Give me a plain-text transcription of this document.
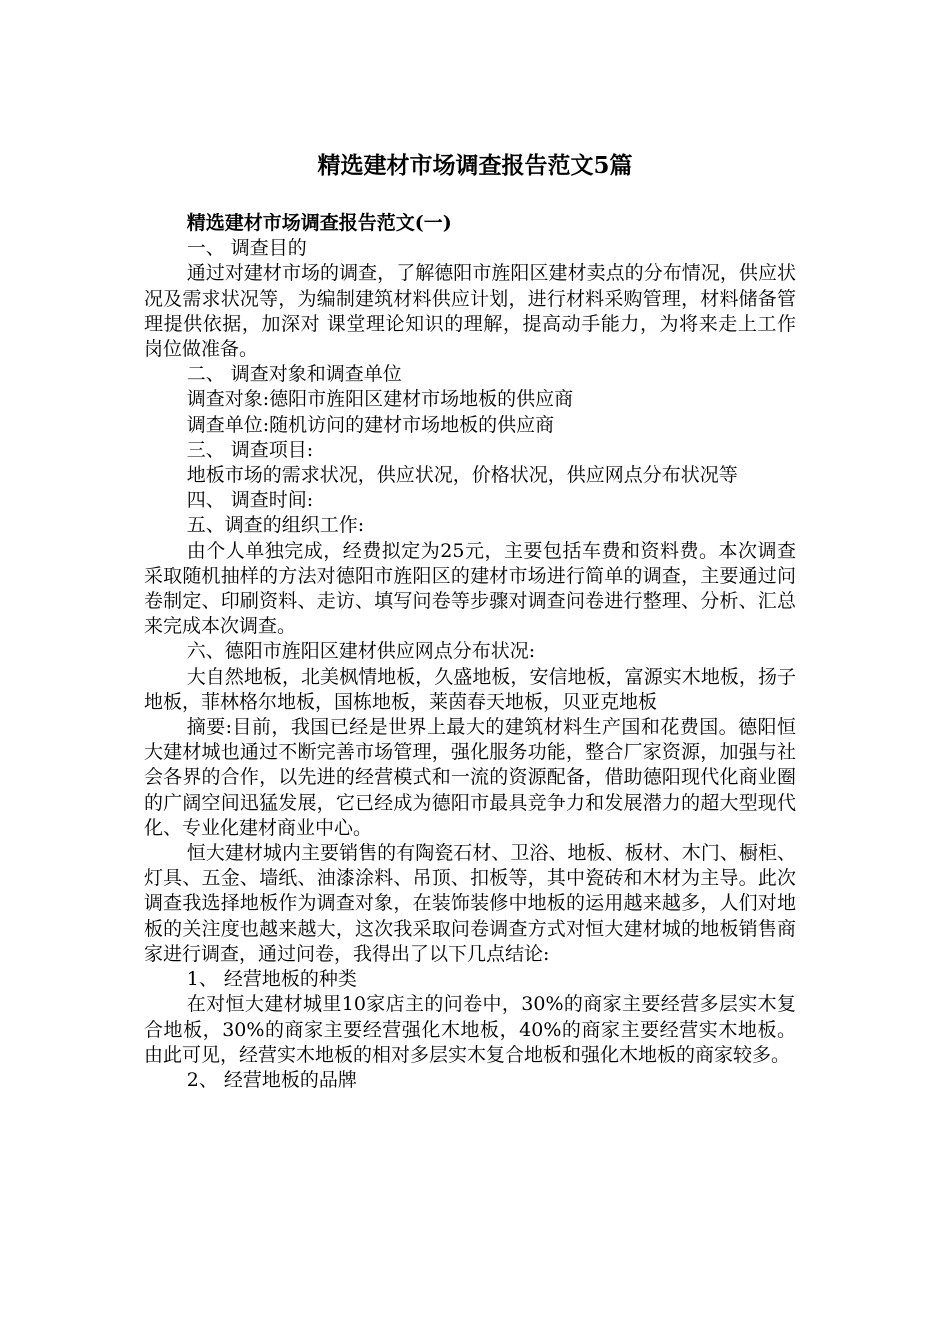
精选建材市场调查报告范文5篇

精选建材市场调查报告范文(一)

一、 调查目的

通过对建材市场的调查，了解德阳市旌阳区建材卖点的分布情况，供应状况及需求状况等，为编制建筑材料供应计划，进行材料采购管理，材料储备管理提供依据，加深对 课堂理论知识的理解，提高动手能力，为将来走上工作岗位做准备。

二、 调查对象和调查单位

调查对象:德阳市旌阳区建材市场地板的供应商

调查单位:随机访问的建材市场地板的供应商

三、 调查项目:

地板市场的需求状况，供应状况，价格状况，供应网点分布状况等

四、 调查时间:

五、调查的组织工作:

由个人单独完成，经费拟定为25元，主要包括车费和资料费。本次调查采取随机抽样的方法对德阳市旌阳区的建材市场进行简单的调查，主要通过问卷制定、印刷资料、走访、填写问卷等步骤对调查问卷进行整理、分析、汇总来完成本次调查。

六、德阳市旌阳区建材供应网点分布状况:

大自然地板，北美枫情地板，久盛地板，安信地板，富源实木地板，扬子地板，菲林格尔地板，国栋地板，莱茵春天地板，贝亚克地板

摘要:目前，我国已经是世界上最大的建筑材料生产国和花费国。德阳恒大建材城也通过不断完善市场管理，强化服务功能，整合厂家资源，加强与社会各界的合作，以先进的经营模式和一流的资源配备，借助德阳现代化商业圈的广阔空间迅猛发展，它已经成为德阳市最具竞争力和发展潜力的超大型现代化、专业化建材商业中心。

恒大建材城内主要销售的有陶瓷石材、卫浴、地板、板材、木门、橱柜、灯具、五金、墙纸、油漆涂料、吊顶、扣板等，其中瓷砖和木材为主导。此次调查我选择地板作为调查对象，在装饰装修中地板的运用越来越多，人们对地板的关注度也越来越大，这次我采取问卷调查方式对恒大建材城的地板销售商家进行调查，通过问卷，我得出了以下几点结论:

1、 经营地板的种类

在对恒大建材城里10家店主的问卷中，30%的商家主要经营多层实木复合地板，30%的商家主要经营强化木地板，40%的商家主要经营实木地板。由此可见，经营实木地板的相对多层实木复合地板和强化木地板的商家较多。

2、 经营地板的品牌
